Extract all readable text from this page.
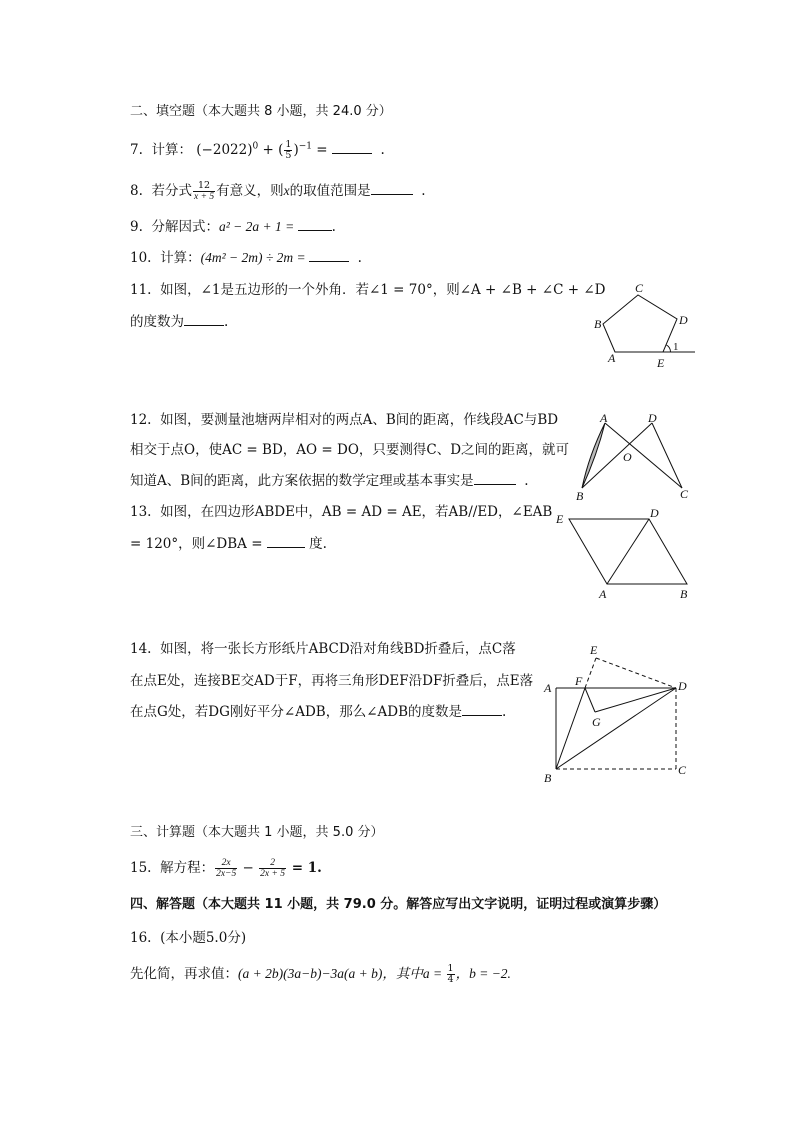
二、填空题（本大题共 8 小题，共 24.0 分）
7. 计算： $(-2022)^0$ + ( $\frac{1}{5} )^{-1}$ =	.
8. 若分式 $\frac{12}{x + 5}$ 有意义，则x的取值范围是	.
9. 分解因式：a² − 2a + 1 =	.
10. 计算：(4m² − 2m) ÷ 2m =	.
11. 如图，∠1是五边形的一个外角．若∠1 = 70°，则∠A + ∠B + ∠C + ∠D
的度数为	.
C
B	D
A	E
1
12. 如图，要测量池塘两岸相对的两点A、B间的距离，作线段AC与BD
相交于点O，使AC = BD，AO = DO，只要测得C、D之间的距离，就可
知道A、B间的距离，此方案依据的数学定理或基本事实是	.
A	D
O
B	C
13. 如图，在四边形ABDE中，AB = AD = AE，若AB//ED，∠EAB
= 120°，则∠DBA =	度.
E	D
A	B
14. 如图，将一张长方形纸片ABCD沿对角线BD折叠后，点C落
在点E处，连接BE交AD于F，再将三角形DEF沿DF折叠后，点E落
在点G处，若DG刚好平分∠ADB，那么∠ADB的度数是	.
E
A F	D
G
B
C
三、计算题（本大题共 1 小题，共 5.0 分）
15. 解方程： $\frac{2x}{2x-5} - \frac{2}{2x + 5} = 1$.
四、解答题（本大题共 11 小题，共 79.0 分。解答应写出文字说明，证明过程或演算步骤）
16. (本小题5.0分)
先化简，再求值：(a + 2b)(3a−b)−3a(a + b)，其中$a = \frac{1}{4}$ ，b = −2.
